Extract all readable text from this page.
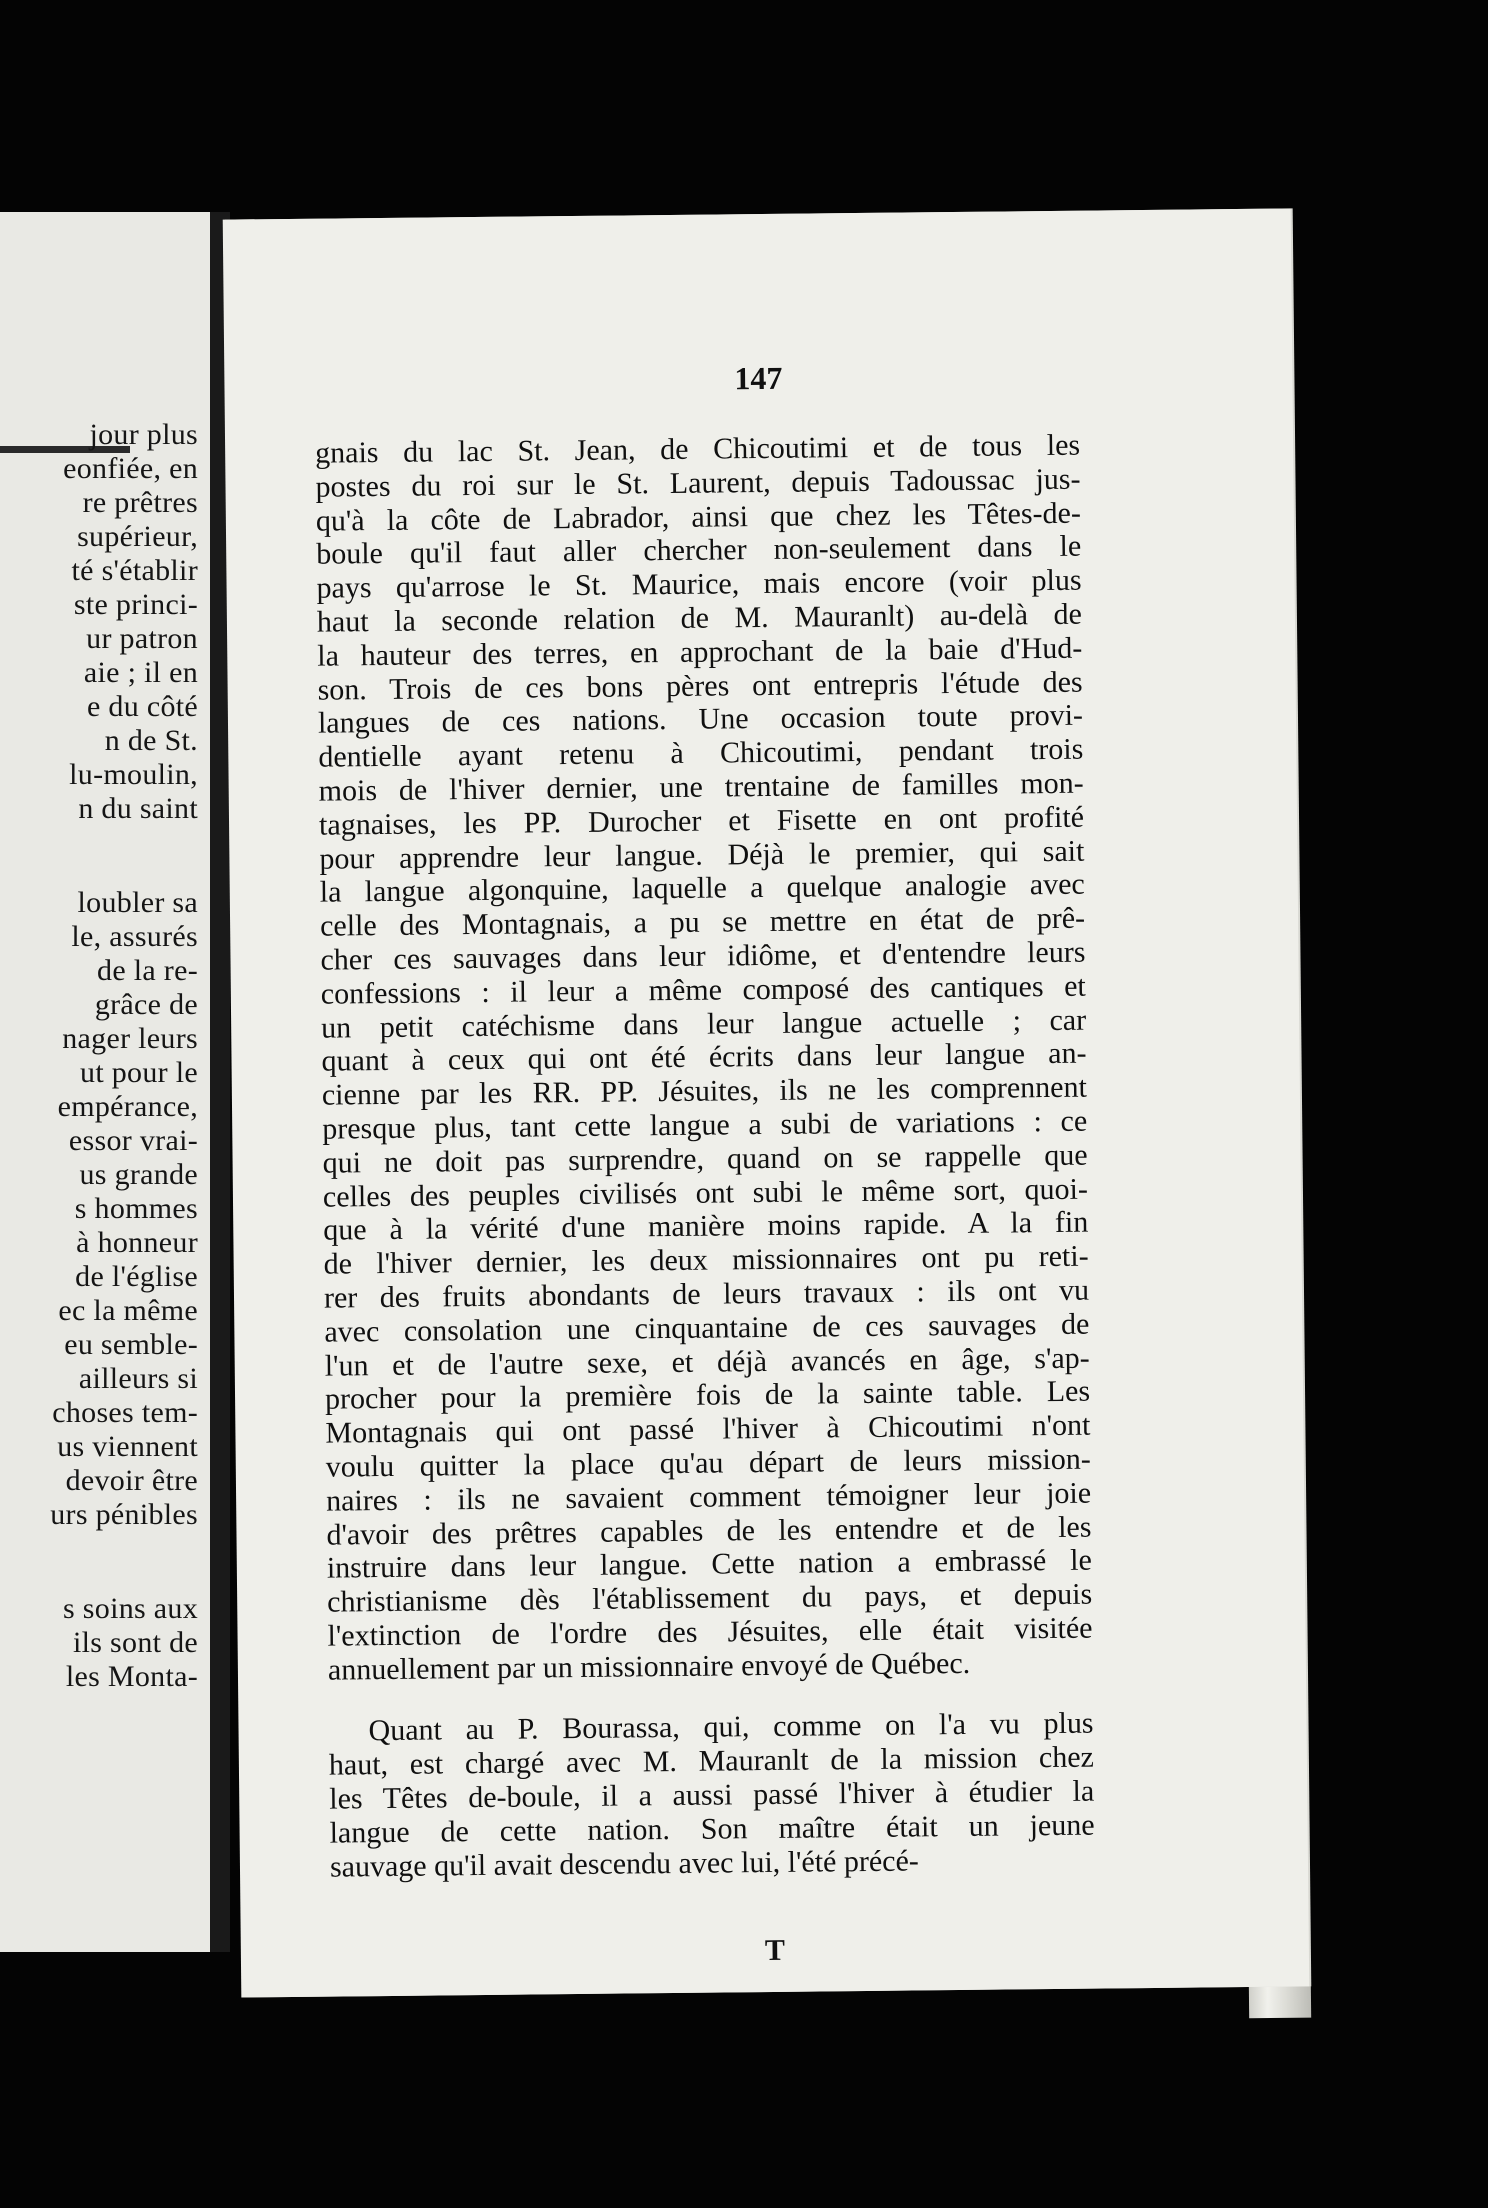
jour plus
eonfiée, en
re prêtres
supérieur,
té s'établir
ste princi-
ur patron
aie ; il en
e du côté
n de St.
lu-moulin,
n du saint
loubler sa
le, assurés
de la re-
grâce de
nager leurs
ut pour le
empérance,
essor vrai-
us grande
s hommes
à honneur
de l'église
ec la même
eu semble-
ailleurs si
choses tem-
us viennent
devoir être
urs pénibles
s soins aux
ils sont de
les Monta-
147
gnais du lac St. Jean, de Chicoutimi et de tous les
postes du roi sur le St. Laurent, depuis Tadoussac jus-
qu'à la côte de Labrador, ainsi que chez les Têtes-de-
boule qu'il faut aller chercher non-seulement dans le
pays qu'arrose le St. Maurice, mais encore (voir plus
haut la seconde relation de M. Mauranlt) au-delà de
la hauteur des terres, en approchant de la baie d'Hud-
son. Trois de ces bons pères ont entrepris l'étude des
langues de ces nations. Une occasion toute provi-
dentielle ayant retenu à Chicoutimi, pendant trois
mois de l'hiver dernier, une trentaine de familles mon-
tagnaises, les PP. Durocher et Fisette en ont profité
pour apprendre leur langue. Déjà le premier, qui sait
la langue algonquine, laquelle a quelque analogie avec
celle des Montagnais, a pu se mettre en état de prê-
cher ces sauvages dans leur idiôme, et d'entendre leurs
confessions : il leur a même composé des cantiques et
un petit catéchisme dans leur langue actuelle ; car
quant à ceux qui ont été écrits dans leur langue an-
cienne par les RR. PP. Jésuites, ils ne les comprennent
presque plus, tant cette langue a subi de variations : ce
qui ne doit pas surprendre, quand on se rappelle que
celles des peuples civilisés ont subi le même sort, quoi-
que à la vérité d'une manière moins rapide. A la fin
de l'hiver dernier, les deux missionnaires ont pu reti-
rer des fruits abondants de leurs travaux : ils ont vu
avec consolation une cinquantaine de ces sauvages de
l'un et de l'autre sexe, et déjà avancés en âge, s'ap-
procher pour la première fois de la sainte table. Les
Montagnais qui ont passé l'hiver à Chicoutimi n'ont
voulu quitter la place qu'au départ de leurs mission-
naires : ils ne savaient comment témoigner leur joie
d'avoir des prêtres capables de les entendre et de les
instruire dans leur langue. Cette nation a embrassé le
christianisme dès l'établissement du pays, et depuis
l'extinction de l'ordre des Jésuites, elle était visitée
annuellement par un missionnaire envoyé de Québec.
Quant au P. Bourassa, qui, comme on l'a vu plus
haut, est chargé avec M. Mauranlt de la mission chez
les Têtes de-boule, il a aussi passé l'hiver à étudier la
langue de cette nation. Son maître était un jeune
sauvage qu'il avait descendu avec lui, l'été précé-
T
